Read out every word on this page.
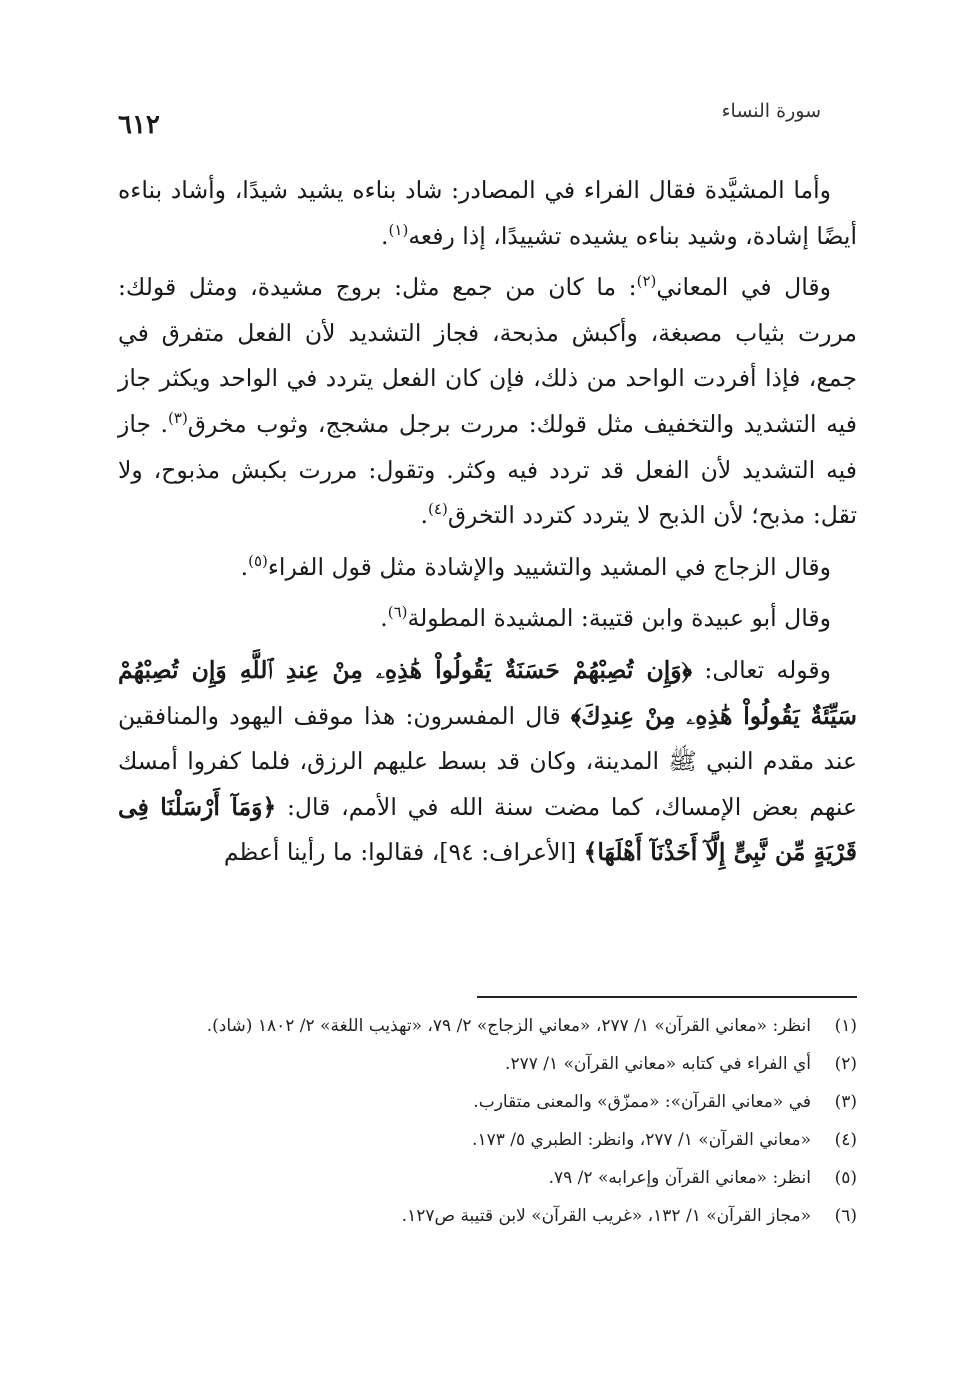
٦١٢	سورة النساء

وأما المشيَّدة فقال الفراء في المصادر: شاد بناءه يشيد شيدًا، وأشاد بناءه أيضًا إشادة، وشيد بناءه يشيده تشييدًا، إذا رفعه$^{(١)}$.

وقال في المعاني$^{(٢)}$: ما كان من جمع مثل: بروج مشيدة، ومثل قولك: مررت بثياب مصبغة، وأكبش مذبحة، فجاز التشديد لأن الفعل متفرق في جمع، فإذا أفردت الواحد من ذلك، فإن كان الفعل يتردد في الواحد ويكثر جاز فيه التشديد والتخفيف مثل قولك: مررت برجل مشجج، وثوب مخرق$^{(٣)}$. جاز فيه التشديد لأن الفعل قد تردد فيه وكثر. وتقول: مررت بكبش مذبوح، ولا تقل: مذبح؛ لأن الذبح لا يتردد كتردد التخرق$^{(٤)}$.

وقال الزجاج في المشيد والتشييد والإشادة مثل قول الفراء$^{(٥)}$.

وقال أبو عبيدة وابن قتيبة: المشيدة المطولة$^{(٦)}$.

وقوله تعالى: ﴿وَإِن تُصِبْهُمْ حَسَنَةٌ يَقُولُواْ هَٰذِهِۦ مِنْ عِندِ ٱللَّهِ وَإِن تُصِبْهُمْ سَيِّئَةٌ يَقُولُواْ هَٰذِهِۦ مِنْ عِندِكَ﴾ قال المفسرون: هذا موقف اليهود والمنافقين عند مقدم النبي ﷺ المدينة، وكان قد بسط عليهم الرزق، فلما كفروا أمسك عنهم بعض الإمساك، كما مضت سنة الله في الأمم، قال: ﴿وَمَآ أَرْسَلْنَا فِى قَرْيَةٍ مِّن نَّبِىٍّ إِلَّآ أَخَذْنَآ أَهْلَهَا﴾ [الأعراف: ٩٤]، فقالوا: ما رأينا أعظم

(١)
انظر: «معاني القرآن» ١/ ٢٧٧، «معاني الزجاج» ٢/ ٧٩، «تهذيب اللغة» ٢/ ١٨٠٢ (شاد).
(٢)
أي الفراء في كتابه «معاني القرآن» ١/ ٢٧٧.
(٣)
في «معاني القرآن»: «ممزّق» والمعنى متقارب.
(٤)
«معاني القرآن» ١/ ٢٧٧، وانظر: الطبري ٥/ ١٧٣.
(٥)
انظر: «معاني القرآن وإعرابه» ٢/ ٧٩.
(٦)
«مجاز القرآن» ١/ ١٣٢، «غريب القرآن» لابن قتيبة ص١٢٧.
